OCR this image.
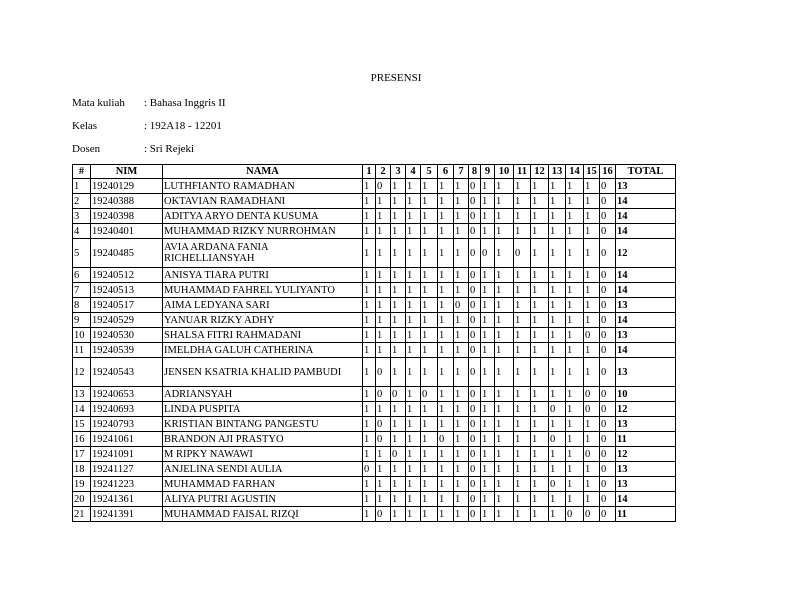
PRESENSI
Mata kuliah : Bahasa Inggris II
Kelas	: 192A18 - 12201
Dosen	: Sri Rejeki
#	NIM	NAMA	1	2	3	4	5	6	7	8	9	10	11	12	13	14	15	16	TOTAL
1	19240129	LUTHFIANTO RAMADHAN	1	0	1	1	1	1	1	0	1	1	1	1	1	1	1	0	13
2	19240388	OKTAVIAN RAMADHANI	1	1	1	1	1	1	1	0	1	1	1	1	1	1	1	0	14
3	19240398	ADITYA ARYO DENTA KUSUMA	1	1	1	1	1	1	1	0	1	1	1	1	1	1	1	0	14
4	19240401	MUHAMMAD RIZKY NURROHMAN	1	1	1	1	1	1	1	0	1	1	1	1	1	1	1	0	14
5	19240485	AVIA ARDANA FANIA RICHELLIANSYAH	1	1	1	1	1	1	1	0	0	1	0	1	1	1	1	0	12
6	19240512	ANISYA TIARA PUTRI	1	1	1	1	1	1	1	0	1	1	1	1	1	1	1	0	14
7	19240513	MUHAMMAD FAHREL YULIYANTO	1	1	1	1	1	1	1	0	1	1	1	1	1	1	1	0	14
8	19240517	AIMA LEDYANA SARI	1	1	1	1	1	1	0	0	1	1	1	1	1	1	1	0	13
9	19240529	YANUAR RIZKY ADHY	1	1	1	1	1	1	1	0	1	1	1	1	1	1	1	0	14
10	19240530	SHALSA FITRI RAHMADANI	1	1	1	1	1	1	1	0	1	1	1	1	1	1	0	0	13
11	19240539	IMELDHA GALUH CATHERINA	1	1	1	1	1	1	1	0	1	1	1	1	1	1	1	0	14
12	19240543	JENSEN KSATRIA KHALID PAMBUDI	1	0	1	1	1	1	1	0	1	1	1	1	1	1	1	0	13
13	19240653	ADRIANSYAH	1	0	0	1	0	1	1	0	1	1	1	1	1	1	0	0	10
14	19240693	LINDA PUSPITA	1	1	1	1	1	1	1	0	1	1	1	1	0	1	0	0	12
15	19240793	KRISTIAN BINTANG PANGESTU	1	0	1	1	1	1	1	0	1	1	1	1	1	1	1	0	13
16	19241061	BRANDON AJI PRASTYO	1	0	1	1	1	0	1	0	1	1	1	1	0	1	1	0	11
17	19241091	M RIPKY NAWAWI	1	1	0	1	1	1	1	0	1	1	1	1	1	1	0	0	12
18	19241127	ANJELINA SENDI AULIA	0	1	1	1	1	1	1	0	1	1	1	1	1	1	1	0	13
19	19241223	MUHAMMAD FARHAN	1	1	1	1	1	1	1	0	1	1	1	1	0	1	1	0	13
20	19241361	ALIYA PUTRI AGUSTIN	1	1	1	1	1	1	1	0	1	1	1	1	1	1	1	0	14
21	19241391	MUHAMMAD FAISAL RIZQI	1	0	1	1	1	1	1	0	1	1	1	1	1	0	0	0	11
